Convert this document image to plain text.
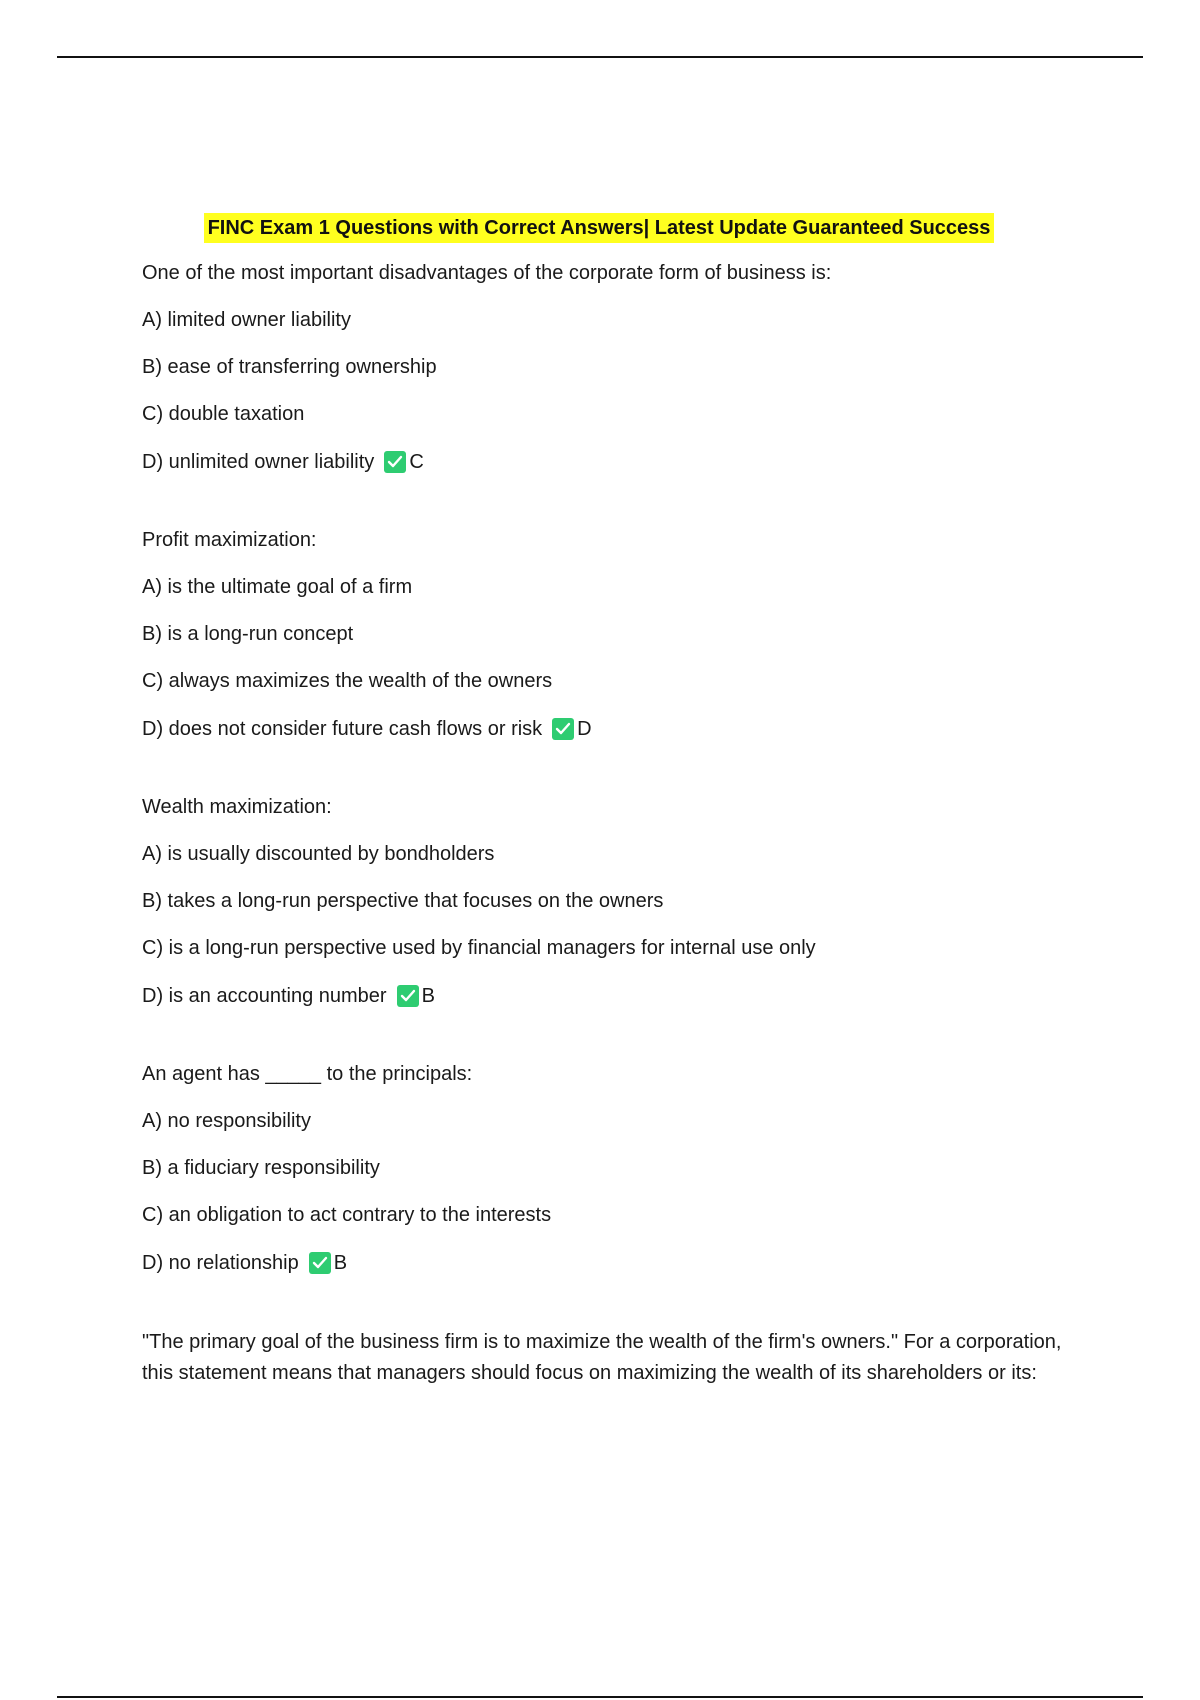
FINC Exam 1 Questions with Correct Answers| Latest Update Guaranteed Success

One of the most important disadvantages of the corporate form of business is:

A) limited owner liability

B) ease of transferring ownership

C) double taxation

D) unlimited owner liability C

Profit maximization:

A) is the ultimate goal of a firm

B) is a long-run concept

C) always maximizes the wealth of the owners

D) does not consider future cash flows or risk D

Wealth maximization:

A) is usually discounted by bondholders

B) takes a long-run perspective that focuses on the owners

C) is a long-run perspective used by financial managers for internal use only

D) is an accounting number B

An agent has _____ to the principals:

A) no responsibility

B) a fiduciary responsibility

C) an obligation to act contrary to the interests

D) no relationship B

"The primary goal of the business firm is to maximize the wealth of the firm's owners." For a corporation, this statement means that managers should focus on maximizing the wealth of its shareholders or its:
